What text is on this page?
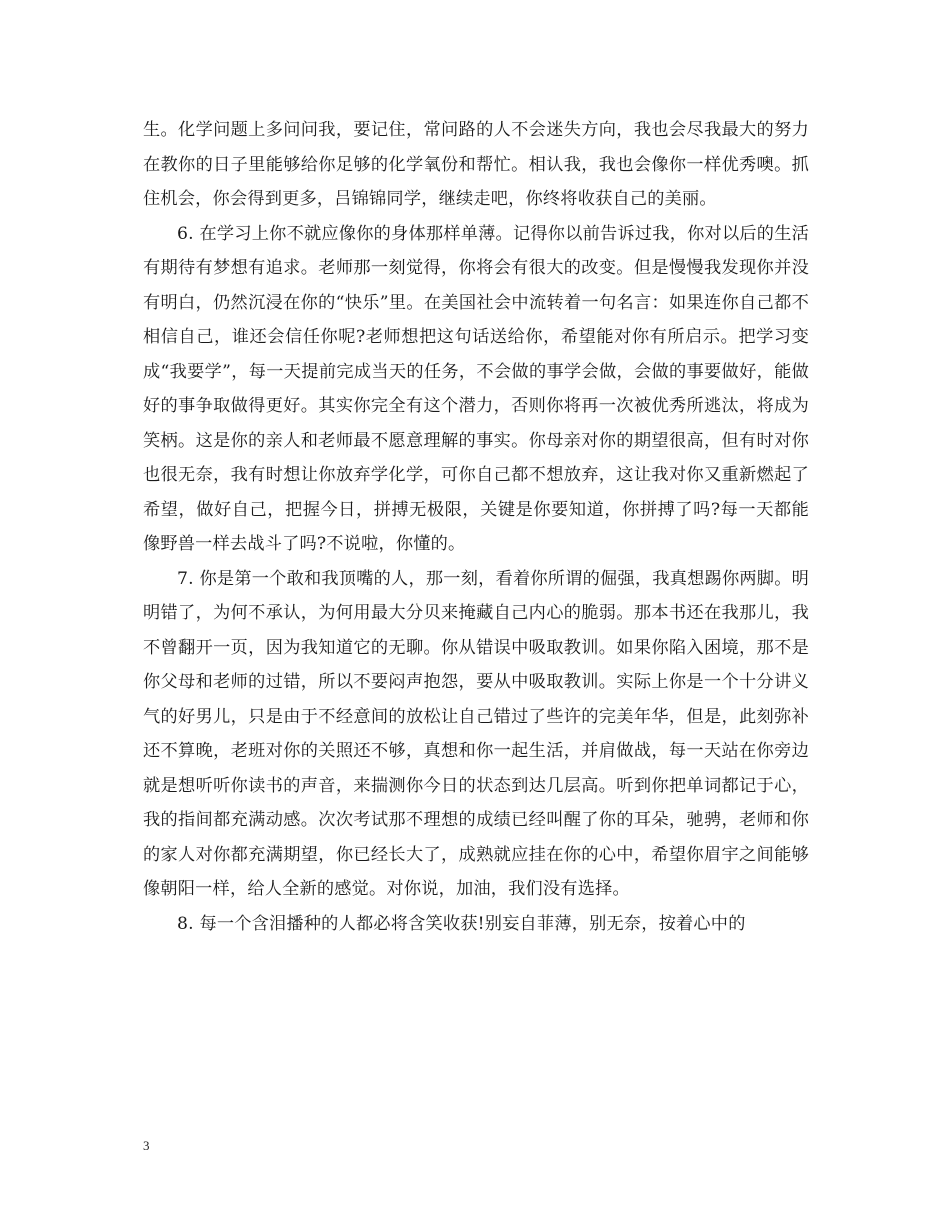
生。化学问题上多问问我，要记住，常问路的人不会迷失方向，我也会尽我最大的努力在教你的日子里能够给你足够的化学氧份和帮忙。相认我，我也会像你一样优秀噢。抓住机会，你会得到更多，吕锦锦同学，继续走吧，你终将收获自己的美丽。

6. 在学习上你不就应像你的身体那样单薄。记得你以前告诉过我，你对以后的生活有期待有梦想有追求。老师那一刻觉得，你将会有很大的改变。但是慢慢我发现你并没有明白，仍然沉浸在你的“快乐”里。在美国社会中流转着一句名言：如果连你自己都不相信自己，谁还会信任你呢?老师想把这句话送给你，希望能对你有所启示。把学习变成“我要学”，每一天提前完成当天的任务，不会做的事学会做，会做的事要做好，能做好的事争取做得更好。其实你完全有这个潜力，否则你将再一次被优秀所逃汰，将成为笑柄。这是你的亲人和老师最不愿意理解的事实。你母亲对你的期望很高，但有时对你也很无奈，我有时想让你放弃学化学，可你自己都不想放弃，这让我对你又重新燃起了希望，做好自己，把握今日，拼搏无极限，关键是你要知道，你拼搏了吗?每一天都能像野兽一样去战斗了吗?不说啦，你懂的。

7. 你是第一个敢和我顶嘴的人，那一刻，看着你所谓的倔强，我真想踢你两脚。明明错了，为何不承认，为何用最大分贝来掩藏自己内心的脆弱。那本书还在我那儿，我不曾翻开一页，因为我知道它的无聊。你从错误中吸取教训。如果你陷入困境，那不是你父母和老师的过错，所以不要闷声抱怨，要从中吸取教训。实际上你是一个十分讲义气的好男儿，只是由于不经意间的放松让自己错过了些许的完美年华，但是，此刻弥补还不算晚，老班对你的关照还不够，真想和你一起生活，并肩做战，每一天站在你旁边就是想听听你读书的声音，来揣测你今日的状态到达几层高。听到你把单词都记于心，我的指间都充满动感。次次考试那不理想的成绩已经叫醒了你的耳朵，驰骋，老师和你的家人对你都充满期望，你已经长大了，成熟就应挂在你的心中，希望你眉宇之间能够像朝阳一样，给人全新的感觉。对你说，加油，我们没有选择。

8. 每一个含泪播种的人都必将含笑收获!别妄自菲薄，别无奈，按着心中的

3
